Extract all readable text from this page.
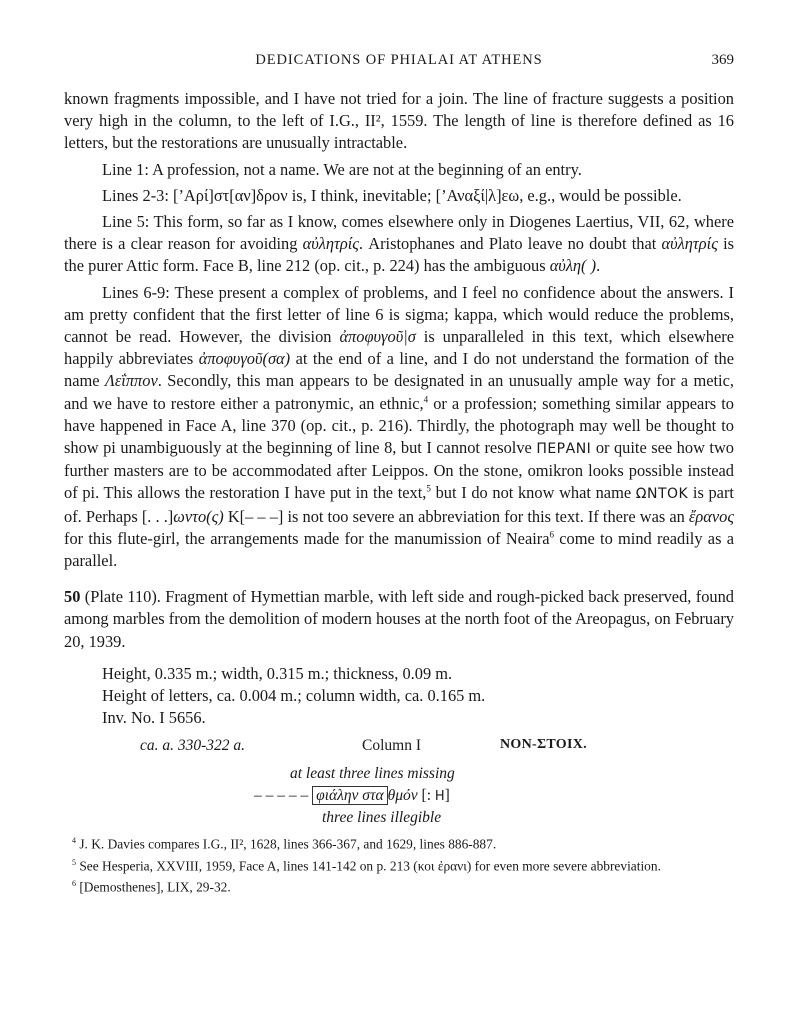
DEDICATIONS OF PHIALAI AT ATHENS	369

known fragments impossible, and I have not tried for a join. The line of fracture suggests a position very high in the column, to the left of I.G., II², 1559. The length of line is therefore defined as 16 letters, but the restorations are unusually intractable.

Line 1: A profession, not a name. We are not at the beginning of an entry.

Lines 2-3: [’Αρί]στ[αν]δρον is, I think, inevitable; [’Αναξί|λ]εω, e.g., would be possible.

Line 5: This form, so far as I know, comes elsewhere only in Diogenes Laertius, VII, 62, where there is a clear reason for avoiding αὐλητρίς. Aristophanes and Plato leave no doubt that αὐλητρίς is the purer Attic form. Face B, line 212 (op. cit., p. 224) has the ambiguous αὐλη( ).

Lines 6-9: These present a complex of problems, and I feel no confidence about the answers. I am pretty confident that the first letter of line 6 is sigma; kappa, which would reduce the problems, cannot be read. However, the division ἀποφυγοῦ|σ is unparalleled in this text, which elsewhere happily abbreviates ἀποφυγοῦ(σα) at the end of a line, and I do not understand the formation of the name Λεΐππον. Secondly, this man appears to be designated in an unusually ample way for a metic, and we have to restore either a patronymic, an ethnic,$^4$ or a profession; something similar appears to have happened in Face A, line 370 (op. cit., p. 216). Thirdly, the photograph may well be thought to show pi unambiguously at the beginning of line 8, but I cannot resolve ΠΕΡΑΝΙ or quite see how two further masters are to be accommodated after Leippos. On the stone, omikron looks possible instead of pi. This allows the restoration I have put in the text,$^5$ but I do not know what name ΩΝΤΟΚ is part of. Perhaps [. . .]ωντο(ς) Κ[– – –] is not too severe an abbreviation for this text. If there was an ἔρανος for this flute-girl, the arrangements made for the manumission of Neaira$^6$ come to mind readily as a parallel.

50 (Plate 110). Fragment of Hymettian marble, with left side and rough-picked back preserved, found among marbles from the demolition of modern houses at the north foot of the Areopagus, on February 20, 1939.

Height, 0.335 m.; width, 0.315 m.; thickness, 0.09 m.
Height of letters, ca. 0.004 m.; column width, ca. 0.165 m.
Inv. No. I 5656.
ca. a. 330-322 a.	Column I	NON-ΣΤΟΙΧ.
at least three lines missing
– – – – – φιάλην στα θμόν [: Η]
three lines illegible

$^4$ J. K. Davies compares I.G., II², 1628, lines 366-367, and 1629, lines 886-887.

$^5$ See Hesperia, XXVIII, 1959, Face A, lines 141-142 on p. 213 (κοι ἐρανι) for even more severe abbreviation.

$^6$ [Demosthenes], LIX, 29-32.
